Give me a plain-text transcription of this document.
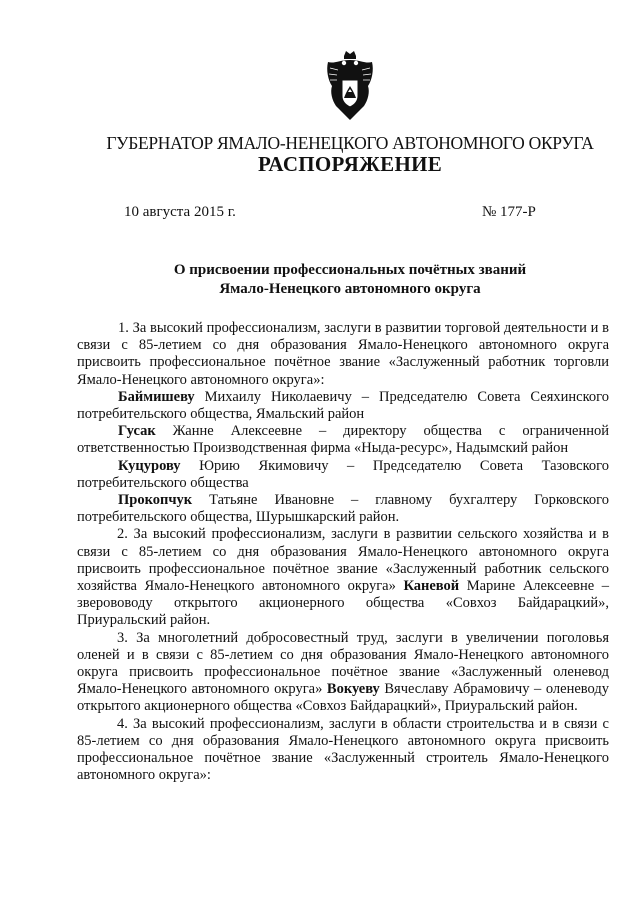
ГУБЕРНАТОР ЯМАЛО-НЕНЕЦКОГО АВТОНОМНОГО ОКРУГА
РАСПОРЯЖЕНИЕ
10 августа 2015 г.	№ 177-Р
О присвоении профессиональных почётных званий
Ямало-Ненецкого автономного округа

1. За высокий профессионализм, заслуги в развитии торговой деятельности и в связи с 85-летием со дня образования Ямало-Ненецкого автономного округа присвоить профессиональное почётное звание «Заслуженный работник торговли Ямало-Ненецкого автономного округа»:

Баймишеву Михаилу Николаевичу – Председателю Совета Сеяхинского потребительского общества, Ямальский район

Гусак Жанне Алексеевне – директору общества с ограниченной ответственностью Производственная фирма «Ныда-ресурс», Надымский район

Куцурову Юрию Якимовичу – Председателю Совета Тазовского потребительского общества

Прокопчук Татьяне Ивановне – главному бухгалтеру Горковского потребительского общества, Шурышкарский район.

2. За высокий профессионализм, заслуги в развитии сельского хозяйства и в связи с 85-летием со дня образования Ямало-Ненецкого автономного округа присвоить профессиональное почётное звание «Заслуженный работник сельского хозяйства Ямало-Ненецкого автономного округа» Каневой Марине Алексеевне – зверововоду открытого акционерного общества «Совхоз Байдарацкий», Приуральский район.

3. За многолетний добросовестный труд, заслуги в увеличении поголовья оленей и в связи с 85-летием со дня образования Ямало-Ненецкого автономного округа присвоить профессиональное почётное звание «Заслуженный оленевод Ямало-Ненецкого автономного округа» Вокуеву Вячеславу Абрамовичу – оленеводу открытого акционерного общества «Совхоз Байдарацкий», Приуральский район.

4. За высокий профессионализм, заслуги в области строительства и в связи с 85-летием со дня образования Ямало-Ненецкого автономного округа присвоить профессиональное почётное звание «Заслуженный строитель Ямало-Ненецкого автономного округа»:
